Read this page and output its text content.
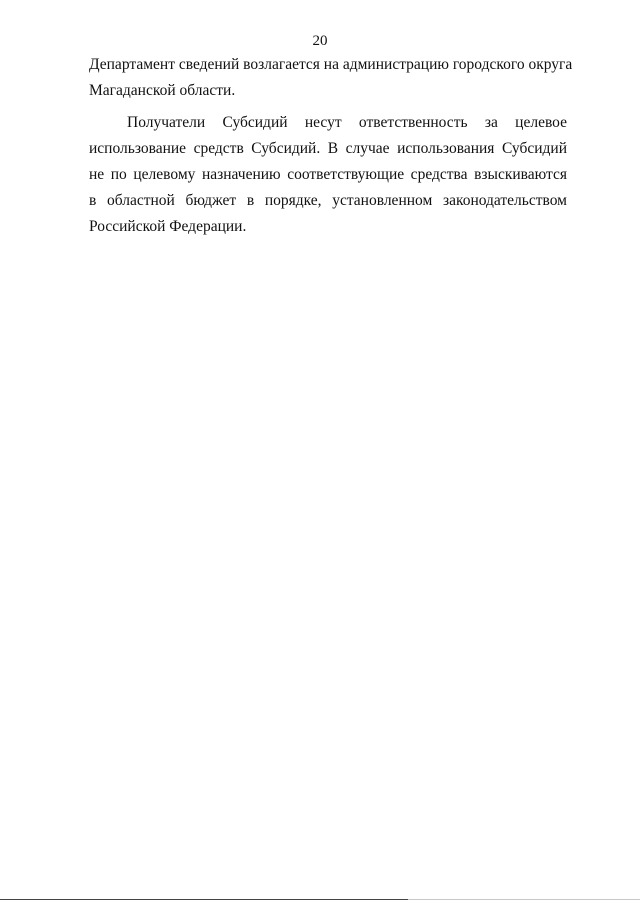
20
Департамент сведений возлагается на администрацию городского округа
Магаданской области.
Получатели Субсидий несут ответственность за целевое
использование средств Субсидий. В случае использования Субсидий
не по целевому назначению соответствующие средства взыскиваются
в областной бюджет в порядке, установленном законодательством
Российской Федерации.
